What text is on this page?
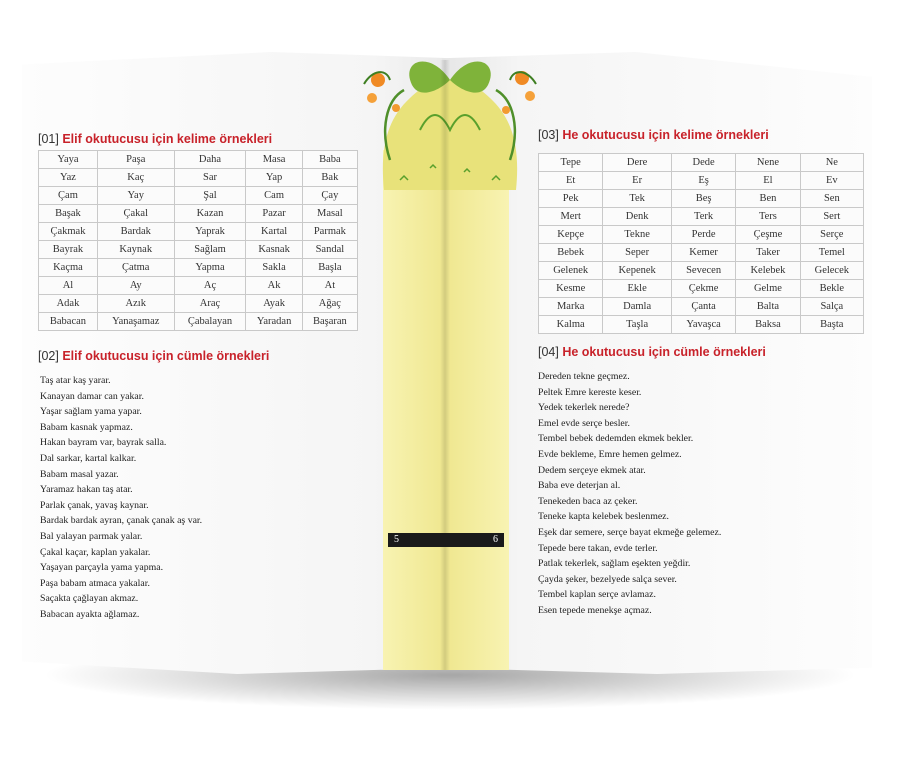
5	6
[01] Elif okutucusu için kelime örnekleri
Yaya	Paşa	Daha	Masa	Baba
Yaz	Kaç	Sar	Yap	Bak
Çam	Yay	Şal	Cam	Çay
Başak	Çakal	Kazan	Pazar	Masal
Çakmak	Bardak	Yaprak	Kartal	Parmak
Bayrak	Kaynak	Sağlam	Kasnak	Sandal
Kaçma	Çatma	Yapma	Sakla	Başla
Al	Ay	Aç	Ak	At
Adak	Azık	Araç	Ayak	Ağaç
Babacan	Yanaşamaz	Çabalayan	Yaradan	Başaran
[02] Elif okutucusu için cümle örnekleri
Taş atar kaş yarar.
Kanayan damar can yakar.
Yaşar sağlam yama yapar.
Babam kasnak yapmaz.
Hakan bayram var, bayrak salla.
Dal sarkar, kartal kalkar.
Babam masal yazar.
Yaramaz hakan taş atar.
Parlak çanak, yavaş kaynar.
Bardak bardak ayran, çanak çanak aş var.
Bal yalayan parmak yalar.
Çakal kaçar, kaplan yakalar.
Yaşayan parçayla yama yapma.
Paşa babam atmaca yakalar.
Saçakta çağlayan akmaz.
Babacan ayakta ağlamaz.
[03] He okutucusu için kelime örnekleri
Tepe	Dere	Dede	Nene	Ne
Et	Er	Eş	El	Ev
Pek	Tek	Beş	Ben	Sen
Mert	Denk	Terk	Ters	Sert
Kepçe	Tekne	Perde	Çeşme	Serçe
Bebek	Seper	Kemer	Taker	Temel
Gelenek	Kepenek	Sevecen	Kelebek	Gelecek
Kesme	Ekle	Çekme	Gelme	Bekle
Marka	Damla	Çanta	Balta	Salça
Kalma	Taşla	Yavaşca	Baksa	Başta
[04] He okutucusu için cümle örnekleri
Dereden tekne geçmez.
Peltek Emre kereste keser.
Yedek tekerlek nerede?
Emel evde serçe besler.
Tembel bebek dedemden ekmek bekler.
Evde bekleme, Emre hemen gelmez.
Dedem serçeye ekmek atar.
Baba eve deterjan al.
Tenekeden baca az çeker.
Teneke kapta kelebek beslenmez.
Eşek dar semere, serçe bayat ekmeğe gelemez.
Tepede bere takan, evde terler.
Patlak tekerlek, sağlam eşekten yeğdir.
Çayda şeker, bezelyede salça sever.
Tembel kaplan serçe avlamaz.
Esen tepede menekşe açmaz.
